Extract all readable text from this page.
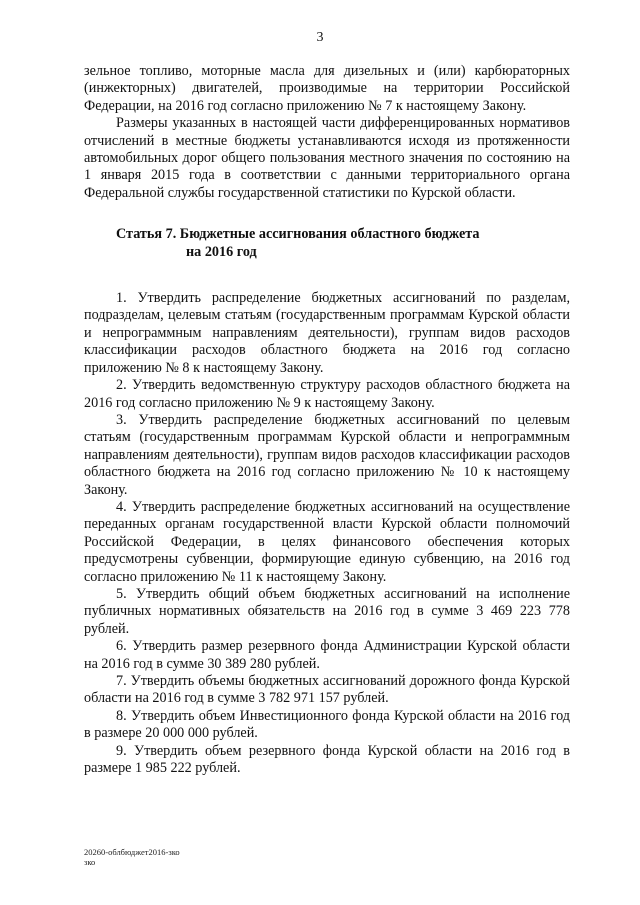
3

зельное топливо, моторные масла для дизельных и (или) карбюраторных (инжекторных) двигателей, производимые на территории Российской Федерации, на 2016 год согласно приложению № 7 к настоящему Закону.

Размеры указанных в настоящей части дифференцированных нормативов отчислений в местные бюджеты устанавливаются исходя из протяженности автомобильных дорог общего пользования местного значения по состоянию на 1 января 2015 года в соответствии с данными территориального органа Федеральной службы государственной статистики по Курской области.

Статья 7. Бюджетные ассигнования областного бюджета
на 2016 год

1. Утвердить распределение бюджетных ассигнований по разделам, подразделам, целевым статьям (государственным программам Курской области и непрограммным направлениям деятельности), группам видов расходов классификации расходов областного бюджета на 2016 год согласно приложению № 8 к настоящему Закону.

2. Утвердить ведомственную структуру расходов областного бюджета на 2016 год согласно приложению № 9 к настоящему Закону.

3. Утвердить распределение бюджетных ассигнований по целевым статьям (государственным программам Курской области и непрограммным направлениям деятельности), группам видов расходов классификации расходов областного бюджета на 2016 год согласно приложению № 10 к настоящему Закону.

4. Утвердить распределение бюджетных ассигнований на осуществление переданных органам государственной власти Курской области полномочий Российской Федерации, в целях финансового обеспечения которых предусмотрены субвенции, формирующие единую субвенцию, на 2016 год согласно приложению № 11 к настоящему Закону.

5. Утвердить общий объем бюджетных ассигнований на исполнение публичных нормативных обязательств на 2016 год в сумме 3 469 223 778 рублей.

6. Утвердить размер резервного фонда Администрации Курской области на 2016 год в сумме 30 389 280 рублей.

7. Утвердить объемы бюджетных ассигнований дорожного фонда Курской области на 2016 год в сумме 3 782 971 157 рублей.

8. Утвердить объем Инвестиционного фонда Курской области на 2016 год в размере 20 000 000 рублей.

9. Утвердить объем резервного фонда Курской области на 2016 год в размере 1 985 222 рублей.

20260-облбюджет2016-зко
зко
